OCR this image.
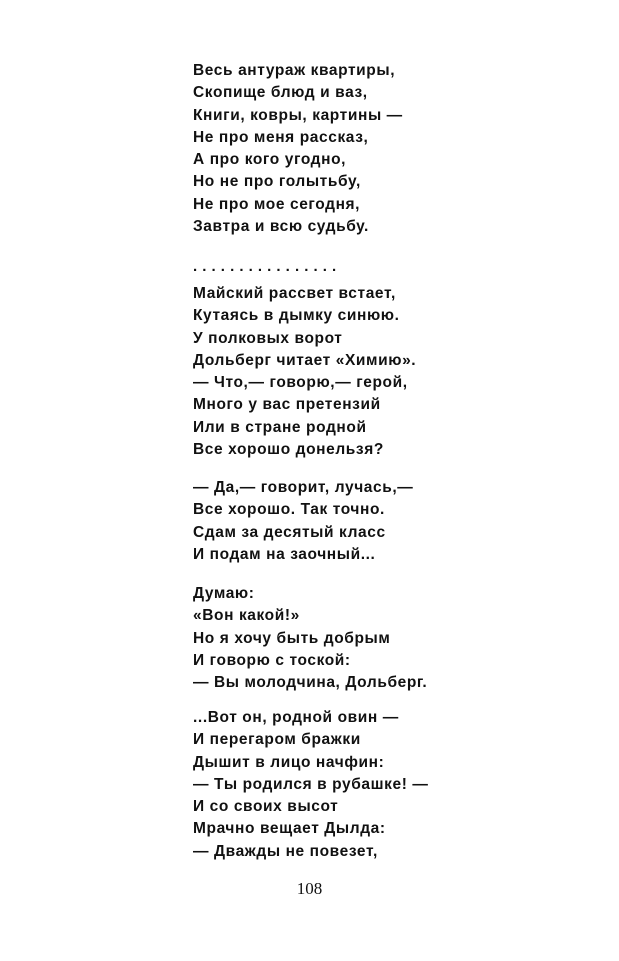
Весь антураж квартиры,
Скопище блюд и ваз,
Книги, ковры, картины —
Не про меня рассказ,
А про кого угодно,
Но не про голытьбу,
Не про мое сегодня,
Завтра и всю судьбу.
................
Майский рассвет встает,
Кутаясь в дымку синюю.
У полковых ворот
Дольберг читает «Химию».
— Что,— говорю,— герой,
Много у вас претензий
Или в стране родной
Все хорошо донельзя?
— Да,— говорит, лучась,—
Все хорошо. Так точно.
Сдам за десятый класс
И подам на заочный...
Думаю:
«Вон какой!»
Но я хочу быть добрым
И говорю с тоской:
— Вы молодчина, Дольберг.
...Вот он, родной овин —
И перегаром бражки
Дышит в лицо начфин:
— Ты родился в рубашке! —
И со своих высот
Мрачно вещает Дылда:
— Дважды не повезет,
108
